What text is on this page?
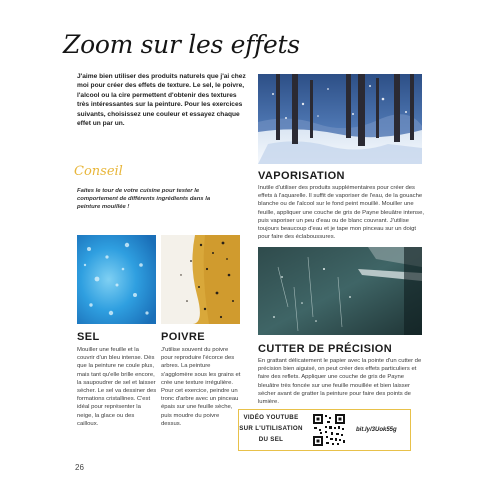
Zoom sur les effets
J'aime bien utiliser des produits naturels que j'ai chez moi pour créer des effets de texture. Le sel, le poivre, l'alcool ou la cire permettent d'obtenir des textures très intéressantes sur la peinture. Pour les exercices suivants, choisissez une couleur et essayez chaque effet un par un.
Conseil
Faites le tour de votre cuisine pour tester le comportement de différents ingrédients dans la peinture mouillée !
VAPORISATION
Inutile d'utiliser des produits supplémentaires pour créer des effets à l'aquarelle. Il suffit de vaporiser de l'eau, de la gouache blanche ou de l'alcool sur le fond peint mouillé. Mouiller une feuille, appliquer une couche de gris de Payne bleuâtre intense, puis vaporiser un peu d'eau ou de blanc couvrant. J'utilise toujours beaucoup d'eau et je tape mon pinceau sur un doigt pour faire des éclaboussures.
SEL
Mouiller une feuille et la couvrir d'un bleu intense. Dès que la peinture ne coule plus, mais tant qu'elle brille encore, la saupoudrer de sel et laisser sécher. Le sel va dessiner des formations cristallines. C'est idéal pour représenter la neige, la glace ou des cailloux.
POIVRE
J'utilise souvent du poivre pour reproduire l'écorce des arbres. La peinture s'agglomère sous les grains et crée une texture irrégulière. Pour cet exercice, peindre un tronc d'arbre avec un pinceau épais sur une feuille sèche, puis moudre du poivre dessus.
CUTTER DE PRÉCISION
En grattant délicatement le papier avec la pointe d'un cutter de précision bien aiguisé, on peut créer des effets particuliers et faire des reflets. Appliquer une couche de gris de Payne bleuâtre très foncée sur une feuille mouillée et bien laisser sécher avant de gratter la peinture pour faire des points de lumière.
VIDÉO YOUTUBE SUR L'UTILISATION DU SEL
bit.ly/3Uok55g
26
